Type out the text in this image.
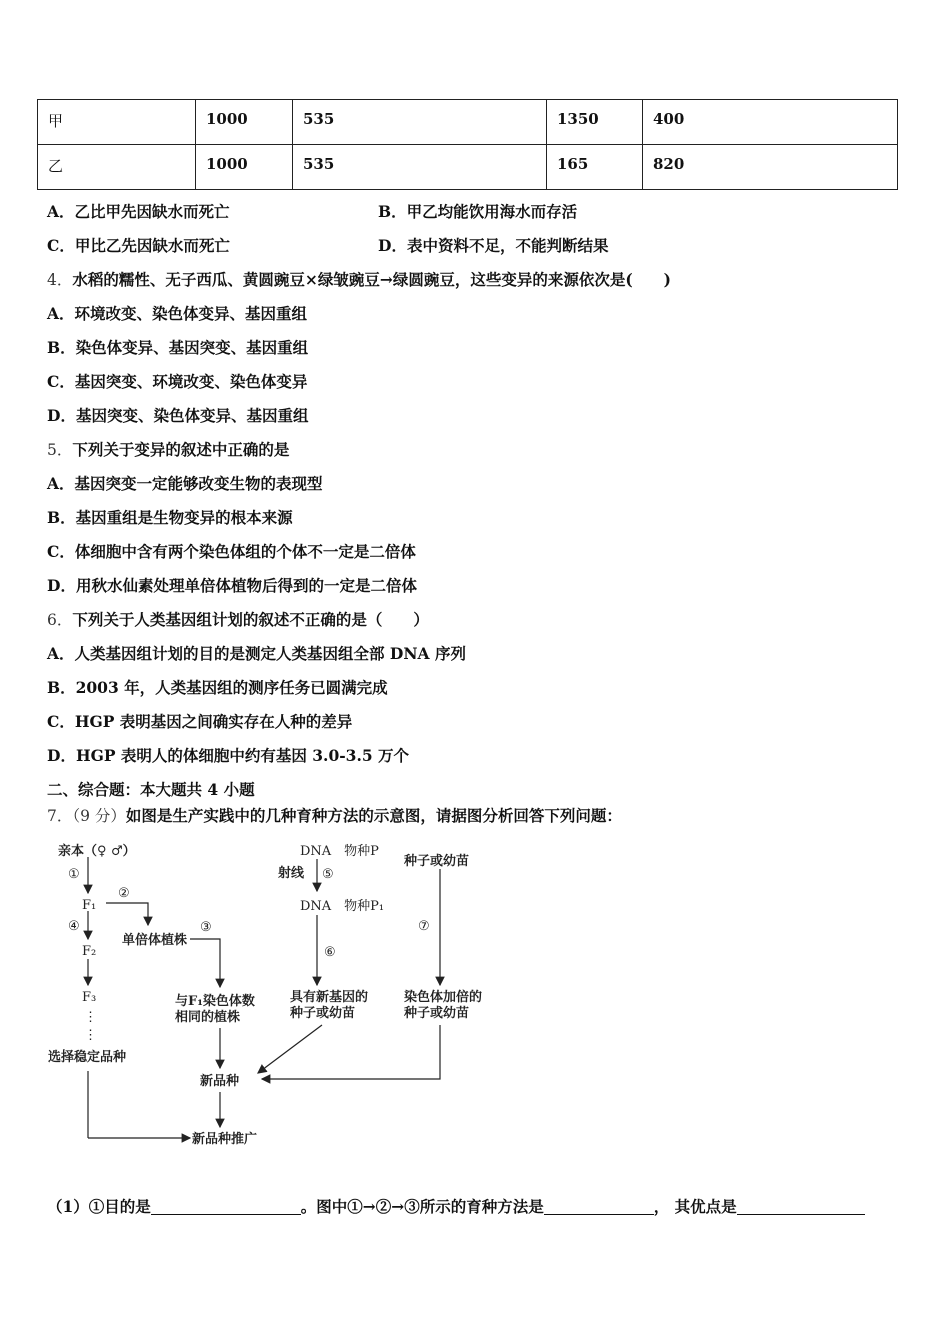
甲	1000	535	1350	400
乙	1000	535	165	820
A．乙比甲先因缺水而死亡	B．甲乙均能饮用海水而存活
C．甲比乙先因缺水而死亡	D．表中资料不足，不能判断结果
4．水稻的糯性、无子西瓜、黄圆豌豆×绿皱豌豆→绿圆豌豆，这些变异的来源依次是(　　)
A．环境改变、染色体变异、基因重组
B．染色体变异、基因突变、基因重组
C．基因突变、环境改变、染色体变异
D．基因突变、染色体变异、基因重组
5．下列关于变异的叙述中正确的是
A．基因突变一定能够改变生物的表现型
B．基因重组是生物变异的根本来源
C．体细胞中含有两个染色体组的个体不一定是二倍体
D．用秋水仙素处理单倍体植物后得到的一定是二倍体
6．下列关于人类基因组计划的叙述不正确的是（　　）
A．人类基因组计划的目的是测定人类基因组全部 DNA 序列
B．2003 年，人类基因组的测序任务已圆满完成
C．HGP 表明基因之间确实存在人种的差异
D．HGP 表明人的体细胞中约有基因 3.0-3.5 万个
二、综合题：本大题共 4 小题
7．（9 分）如图是生产实践中的几种育种方法的示意图，请据图分析回答下列问题：
亲本（♀ ♂）
①
F₁
②
④	③
单倍体植株
F₂
F₃
⋮
⋮
与F₁染色体数
相同的植株
选择稳定品种
新品种
新品种推广
DNA　物种P
射线 ⑤
DNA　物种P₁
⑥
具有新基因的
种子或幼苗
种子或幼苗
⑦
染色体加倍的
种子或幼苗
（1）①目的是	。图中①→②→③所示的育种方法是	， 其优点是
